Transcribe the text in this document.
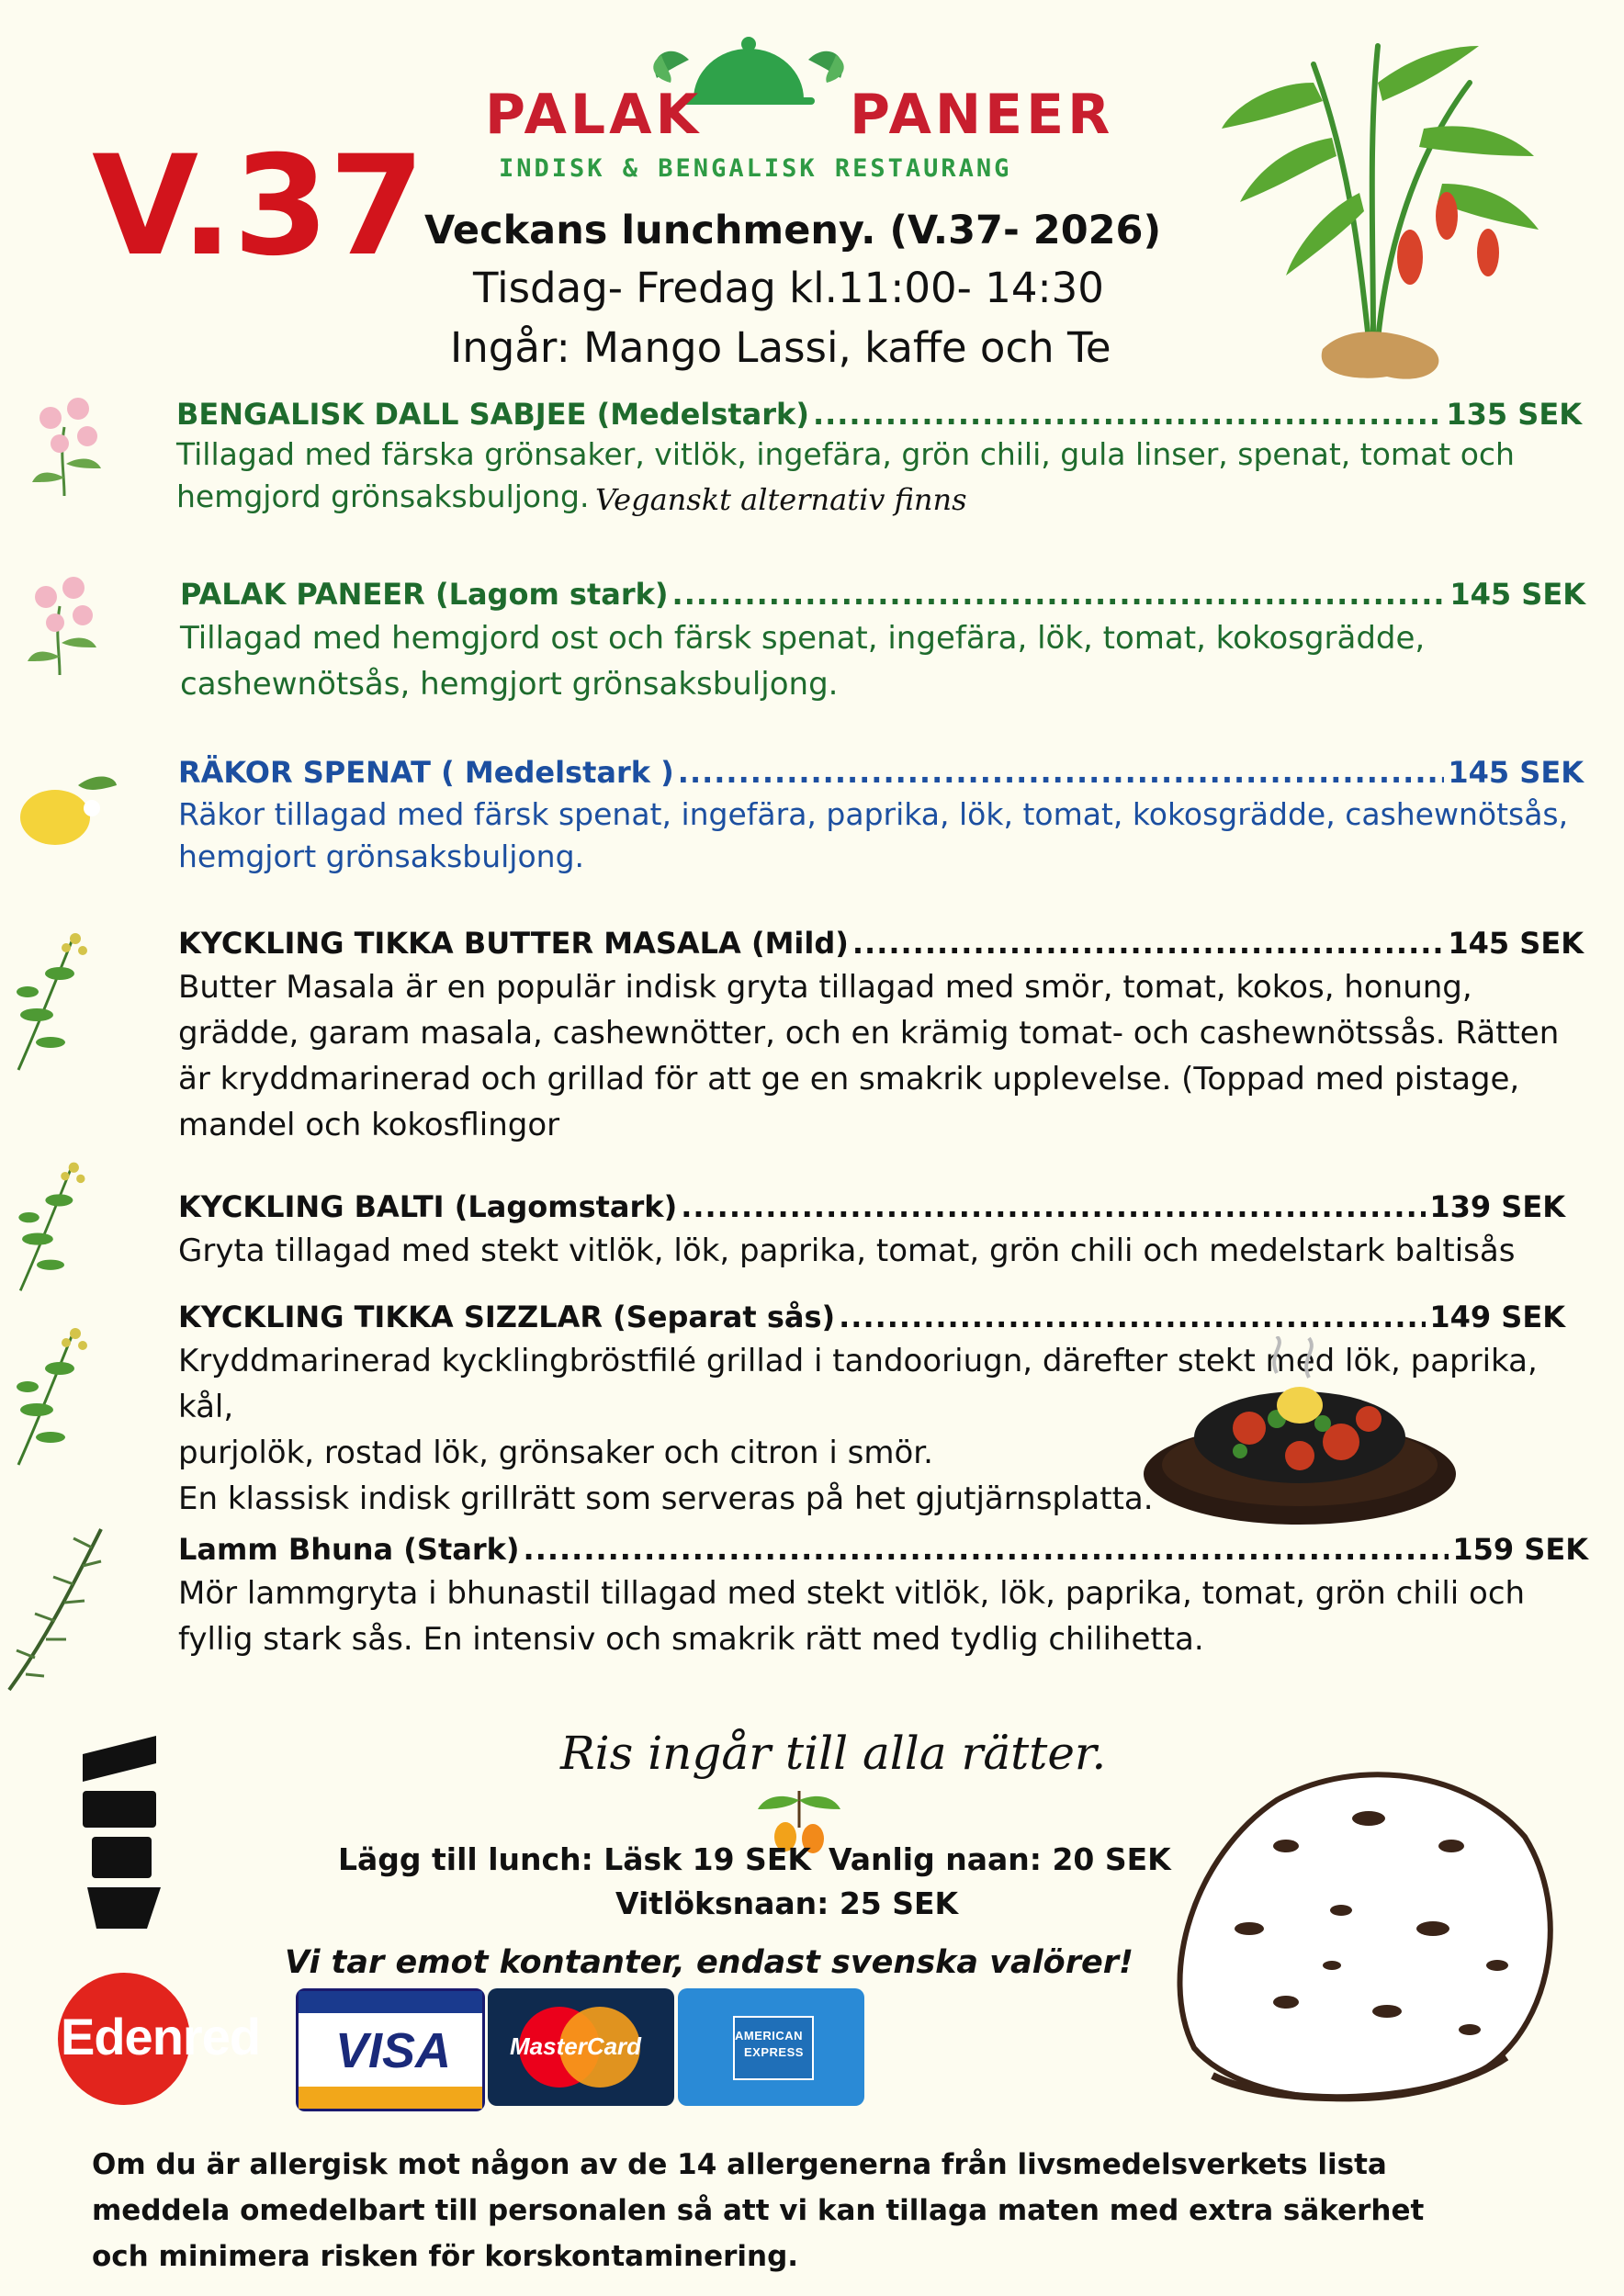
PALAK	PANEER
INDISK & BENGALISK RESTAURANG
V.37 Veckans lunchmeny. (V.37- 2026)
Tisdag- Fredag kl.11:00- 14:30
Ingår: Mango Lassi, kaffe och Te
BENGALISK DALL SABJEE (Medelstark) .....	135 SEK
Tillagad med färska grönsaker, vitlök, ingefära, grön chili, gula linser, spenat, tomat och hemgjord grönsaksbuljong. Veganskt alternativ finns
PALAK PANEER (Lagom stark) .....	145 SEK
Tillagad med hemgjord ost och färsk spenat, ingefära, lök, tomat, kokosgrädde, cashewnötsås, hemgjort grönsaksbuljong.
RÄKOR SPENAT ( Medelstark ) .....	145 SEK
Räkor tillagad med färsk spenat, ingefära, paprika, lök, tomat, kokosgrädde, cashewnötsås, hemgjort grönsaksbuljong.
KYCKLING TIKKA BUTTER MASALA (Mild) .....	145 SEK
Butter Masala är en populär indisk gryta tillagad med smör, tomat, kokos, honung, grädde, garam masala, cashewnötter, och en krämig tomat- och cashewnötssås. Rätten är kryddmarinerad och grillad för att ge en smakrik upplevelse. (Toppad med pistage, mandel och kokosflingor
KYCKLING BALTI (Lagomstark) .....	139 SEK
Gryta tillagad med stekt vitlök, lök, paprika, tomat, grön chili och medelstark baltisås
KYCKLING TIKKA SIZZLAR (Separat sås) .....	149 SEK
Kryddmarinerad kycklingbröstfilé grillad i tandooriugn, därefter stekt med lök, paprika, kål,
purjolök, rostad lök, grönsaker och citron i smör.
En klassisk indisk grillrätt som serveras på het gjutjärnsplatta.
Lamm Bhuna (Stark) .....	159 SEK
Mör lammgryta i bhunastil tillagad med stekt vitlök, lök, paprika, tomat, grön chili och fyllig stark sås. En intensiv och smakrik rätt med tydlig chilihetta.
Ris ingår till alla rätter.
Lägg till lunch: Läsk 19 SEK Vanlig naan: 20 SEK
Vitlöksnaan: 25 SEK
Vi tar emot kontanter, endast svenska valörer!
Edenred VISA MasterCard	AMERICAN
EXPRESS
Om du är allergisk mot någon av de 14 allergenerna från livsmedelsverkets lista meddela omedelbart till personalen så att vi kan tillaga maten med extra säkerhet och minimera risken för korskontaminering.
